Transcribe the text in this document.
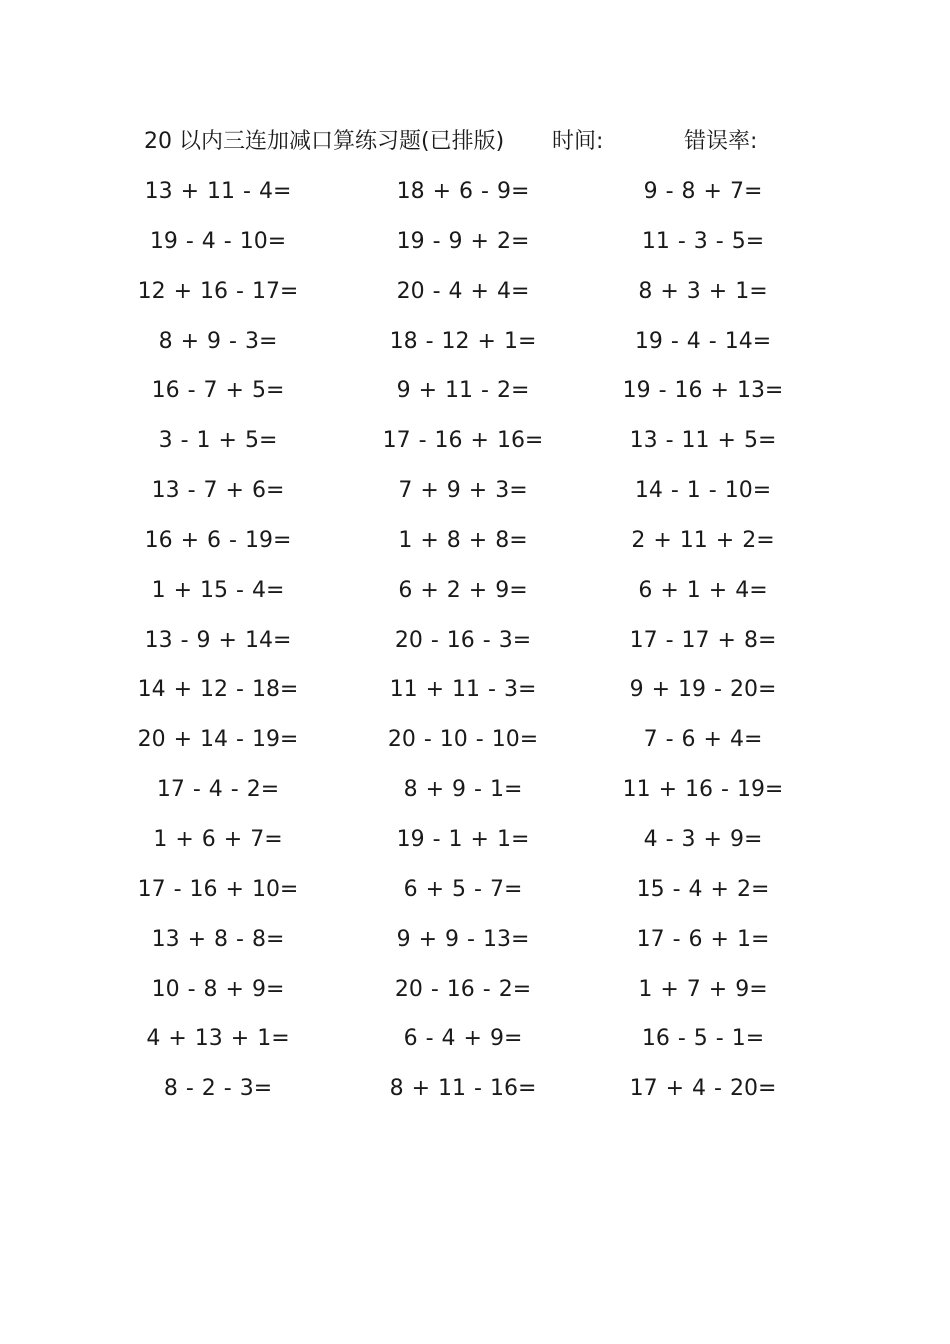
20 以内三连加减口算练习题(已排版) 时间:	错误率:
13 + 11 - 4=	18 + 6 - 9=	9 - 8 + 7=
19 - 4 - 10=	19 - 9 + 2=	11 - 3 - 5=
12 + 16 - 17=	20 - 4 + 4=	8 + 3 + 1=
8 + 9 - 3=	18 - 12 + 1=	19 - 4 - 14=
16 - 7 + 5=	9 + 11 - 2=	19 - 16 + 13=
3 - 1 + 5=	17 - 16 + 16=	13 - 11 + 5=
13 - 7 + 6=	7 + 9 + 3=	14 - 1 - 10=
16 + 6 - 19=	1 + 8 + 8=	2 + 11 + 2=
1 + 15 - 4=	6 + 2 + 9=	6 + 1 + 4=
13 - 9 + 14=	20 - 16 - 3=	17 - 17 + 8=
14 + 12 - 18=	11 + 11 - 3=	9 + 19 - 20=
20 + 14 - 19=	20 - 10 - 10=	7 - 6 + 4=
17 - 4 - 2=	8 + 9 - 1=	11 + 16 - 19=
1 + 6 + 7=	19 - 1 + 1=	4 - 3 + 9=
17 - 16 + 10=	6 + 5 - 7=	15 - 4 + 2=
13 + 8 - 8=	9 + 9 - 13=	17 - 6 + 1=
10 - 8 + 9=	20 - 16 - 2=	1 + 7 + 9=
4 + 13 + 1=	6 - 4 + 9=	16 - 5 - 1=
8 - 2 - 3=	8 + 11 - 16=	17 + 4 - 20=
